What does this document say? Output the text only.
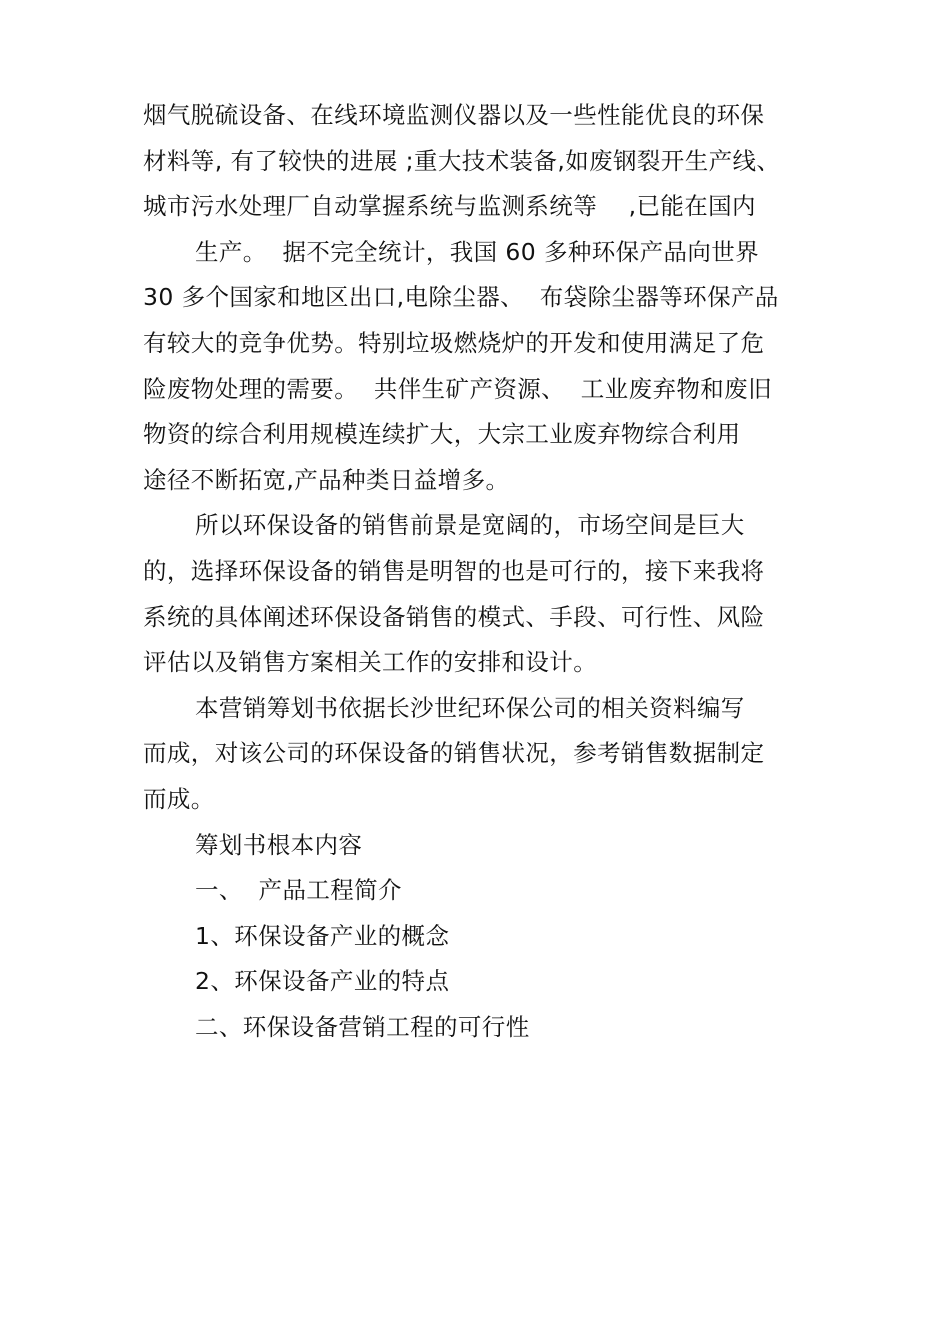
烟气脱硫设备、在线环境监测仪器以及一些性能优良的环保
材料等, 有了较快的进展 ;重大技术装备,如废钢裂开生产线、
城市污水处理厂自动掌握系统与监测系统等    ,已能在国内
生产。  据不完全统计，我国 60 多种环保产品向世界
30 多个国家和地区出口,电除尘器、  布袋除尘器等环保产品
有较大的竞争优势。特别垃圾燃烧炉的开发和使用满足了危
险废物处理的需要。  共伴生矿产资源、  工业废弃物和废旧
物资的综合利用规模连续扩大，大宗工业废弃物综合利用
途径不断拓宽,产品种类日益增多。
所以环保设备的销售前景是宽阔的，市场空间是巨大
的，选择环保设备的销售是明智的也是可行的，接下来我将
系统的具体阐述环保设备销售的模式、手段、可行性、风险
评估以及销售方案相关工作的安排和设计。
本营销筹划书依据长沙世纪环保公司的相关资料编写
而成，对该公司的环保设备的销售状况，参考销售数据制定
而成。
筹划书根本内容
一、  产品工程简介
1、环保设备产业的概念
2、环保设备产业的特点
二、环保设备营销工程的可行性
